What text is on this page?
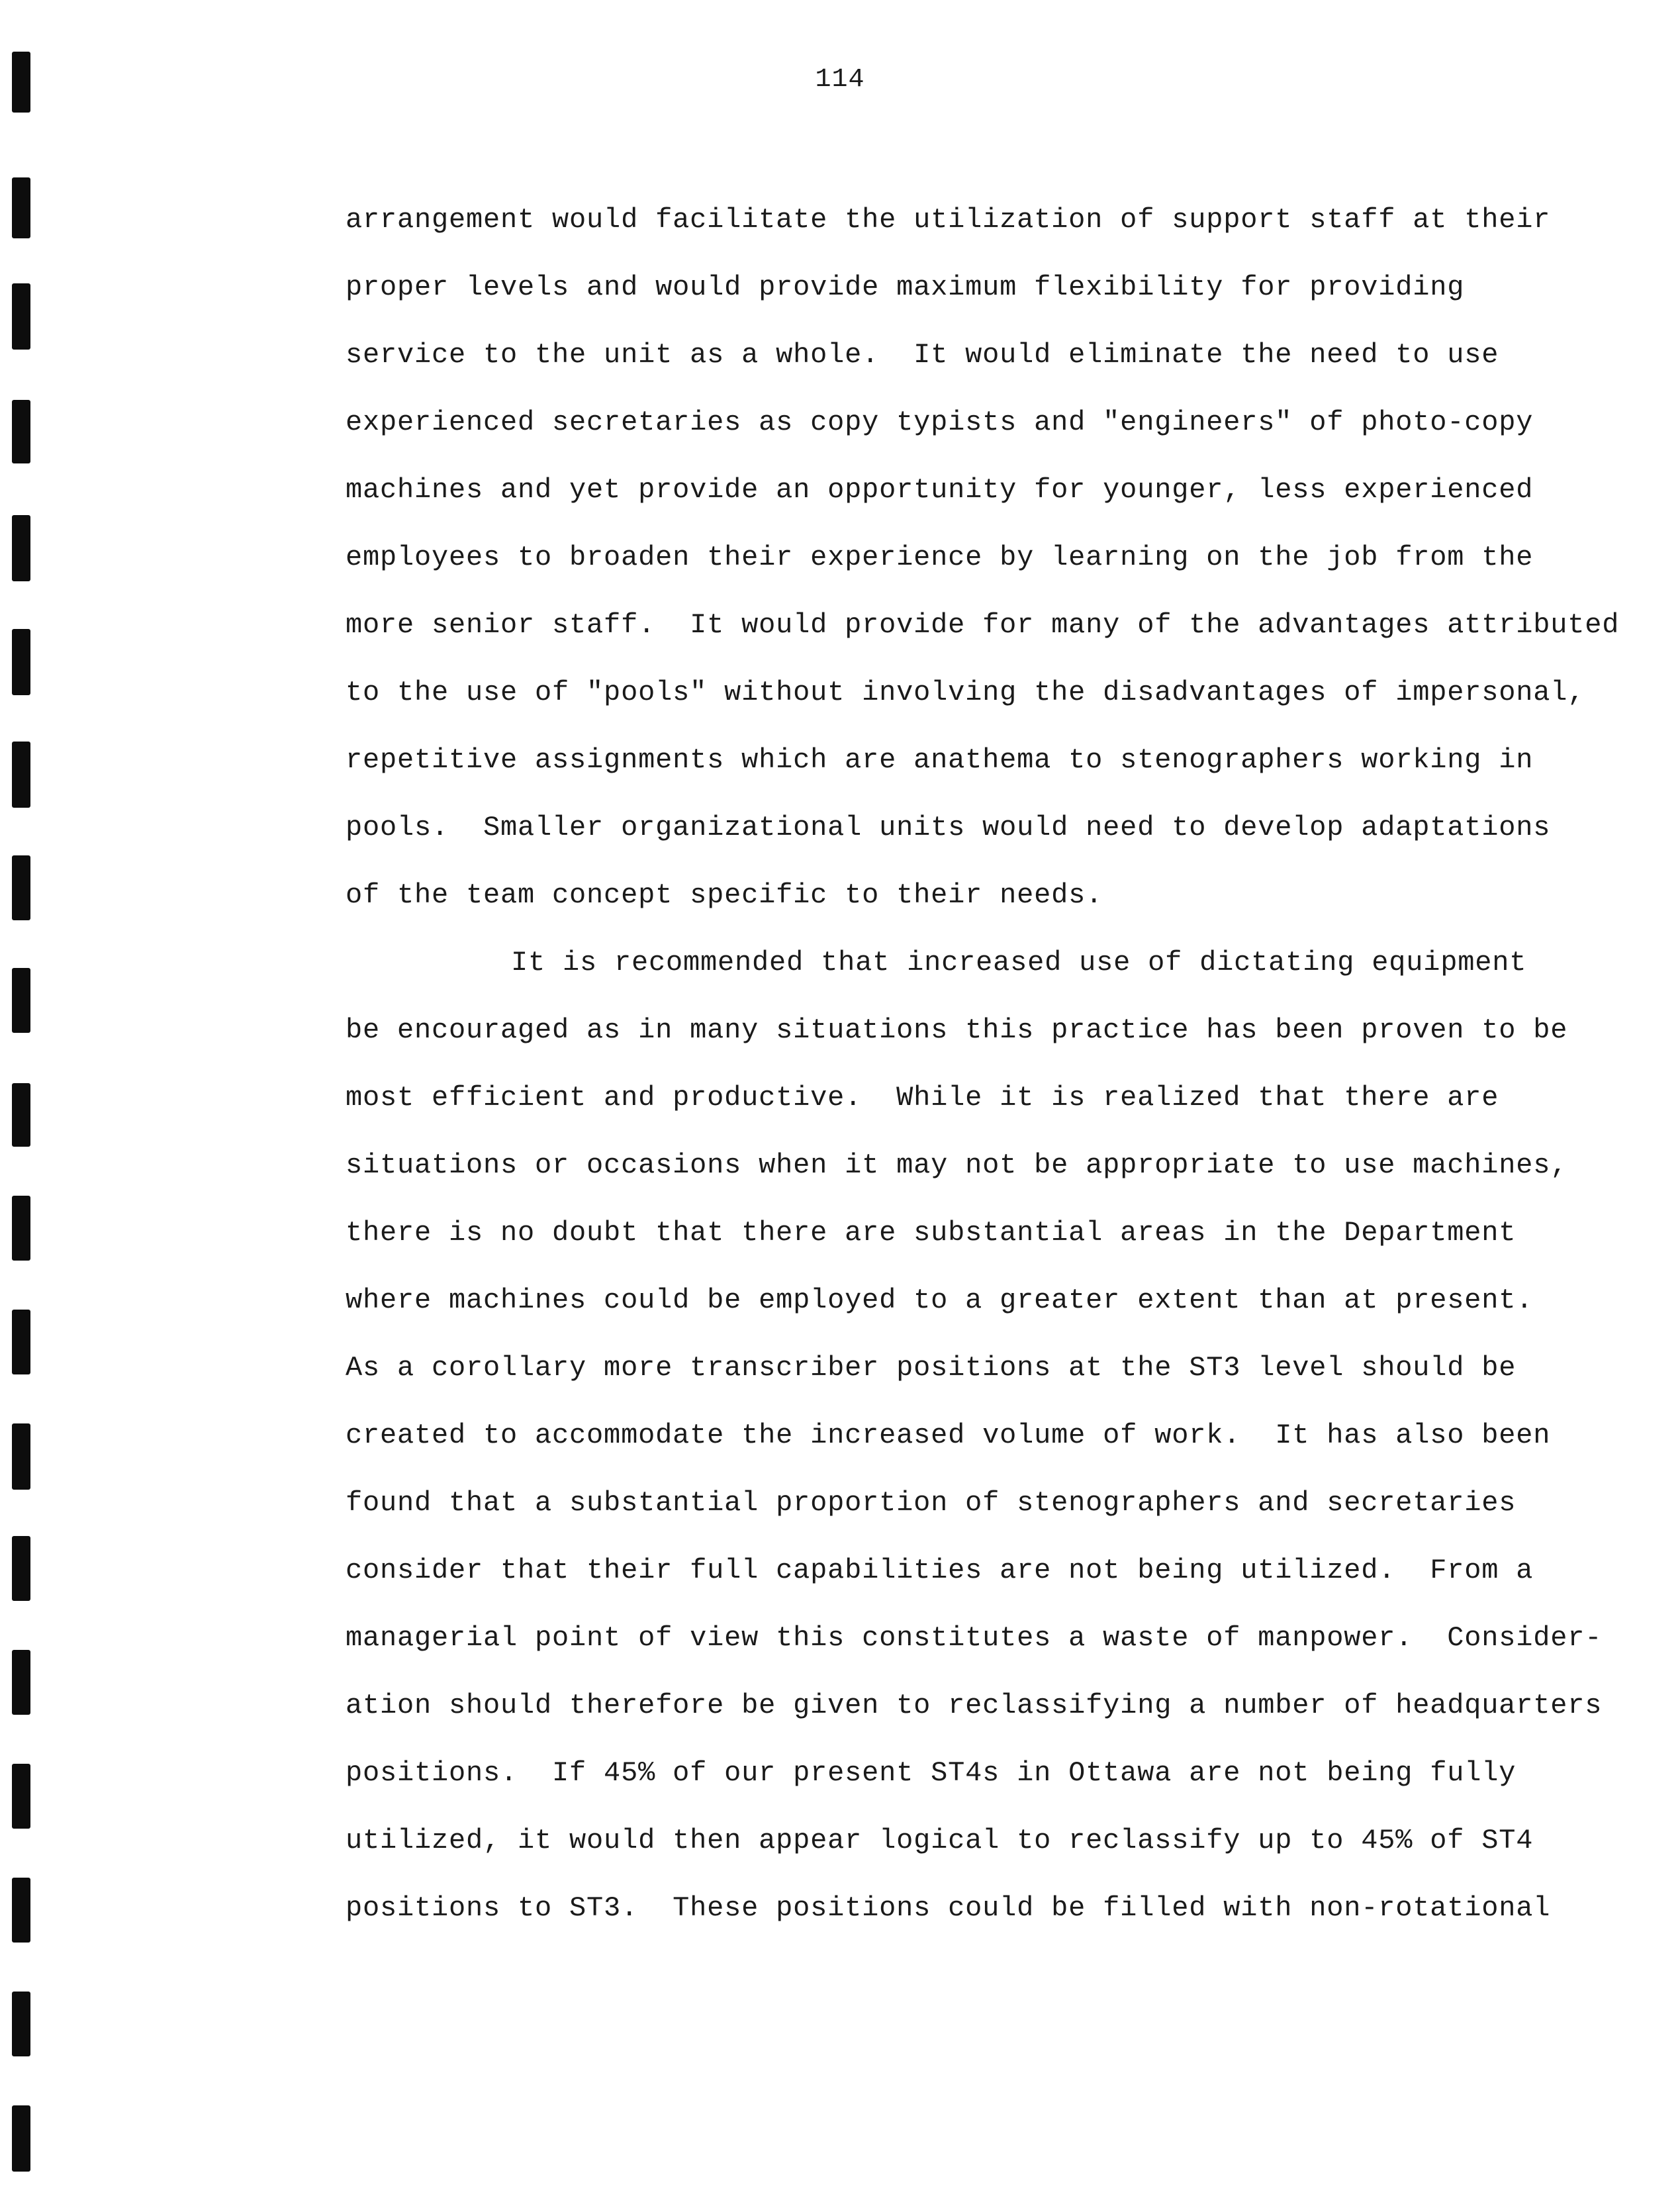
114
arrangement would facilitate the utilization of support staff at their
proper levels and would provide maximum flexibility for providing
service to the unit as a whole.  It would eliminate the need to use
experienced secretaries as copy typists and "engineers" of photo-copy
machines and yet provide an opportunity for younger, less experienced
employees to broaden their experience by learning on the job from the
more senior staff.  It would provide for many of the advantages attributed
to the use of "pools" without involving the disadvantages of impersonal,
repetitive assignments which are anathema to stenographers working in
pools.  Smaller organizational units would need to develop adaptations
of the team concept specific to their needs.
It is recommended that increased use of dictating equipment
be encouraged as in many situations this practice has been proven to be
most efficient and productive.  While it is realized that there are
situations or occasions when it may not be appropriate to use machines,
there is no doubt that there are substantial areas in the Department
where machines could be employed to a greater extent than at present.
As a corollary more transcriber positions at the ST3 level should be
created to accommodate the increased volume of work.  It has also been
found that a substantial proportion of stenographers and secretaries
consider that their full capabilities are not being utilized.  From a
managerial point of view this constitutes a waste of manpower.  Consider-
ation should therefore be given to reclassifying a number of headquarters
positions.  If 45% of our present ST4s in Ottawa are not being fully
utilized, it would then appear logical to reclassify up to 45% of ST4
positions to ST3.  These positions could be filled with non-rotational
